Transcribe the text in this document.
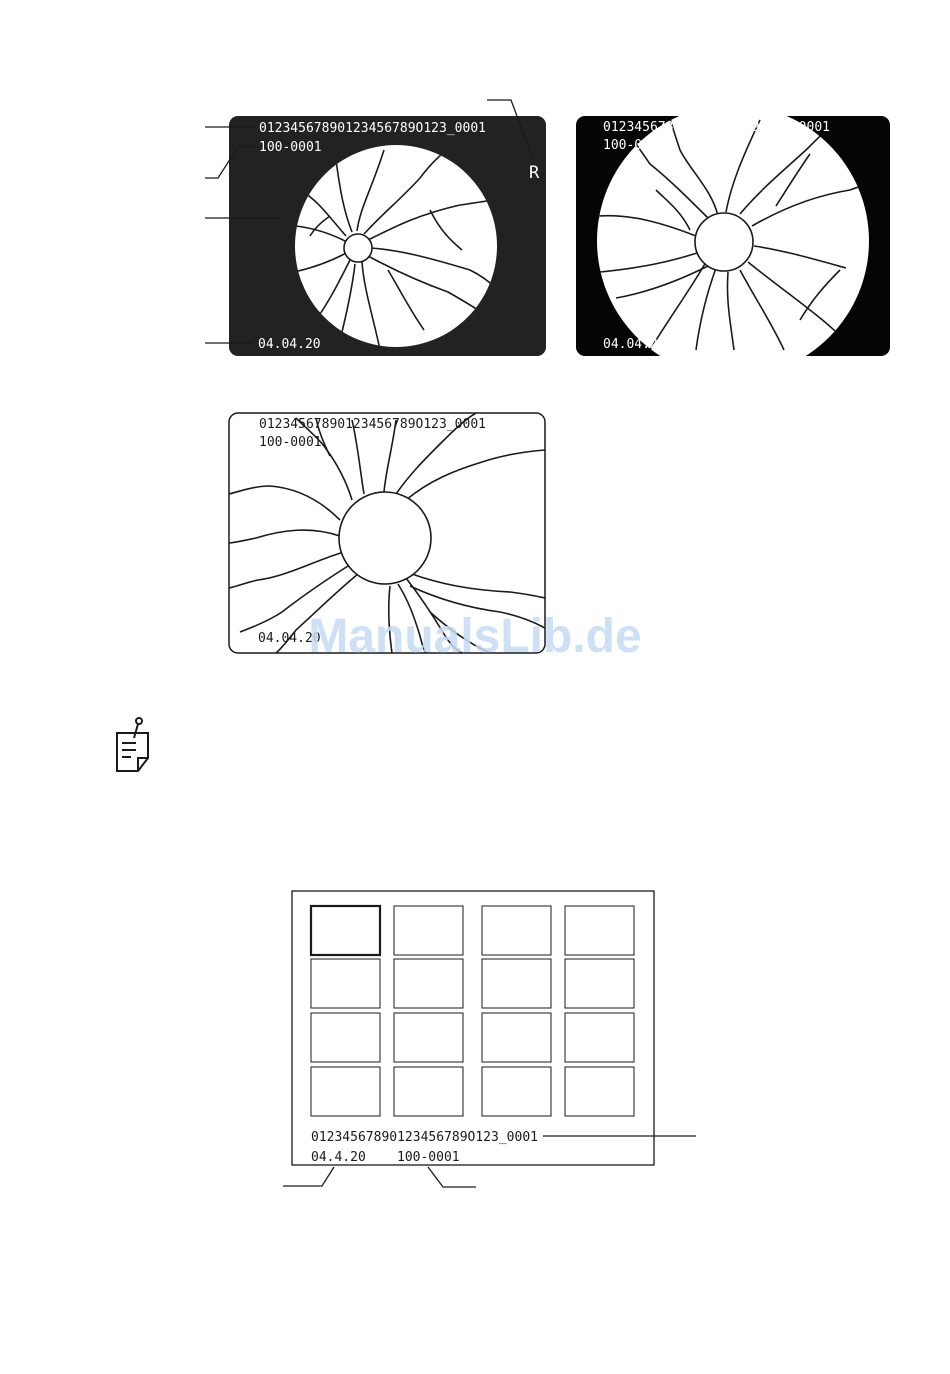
01234567890123456789O123_0001
100-0001
04.04.20
R
01234567890123456789O123_0001
100-0001
04.04.20
01234567890123456789O123_0001
100-0001
04.04.20
ManualsLib.de
01234567890123456789O123_0001
04.4.20 100-0001
